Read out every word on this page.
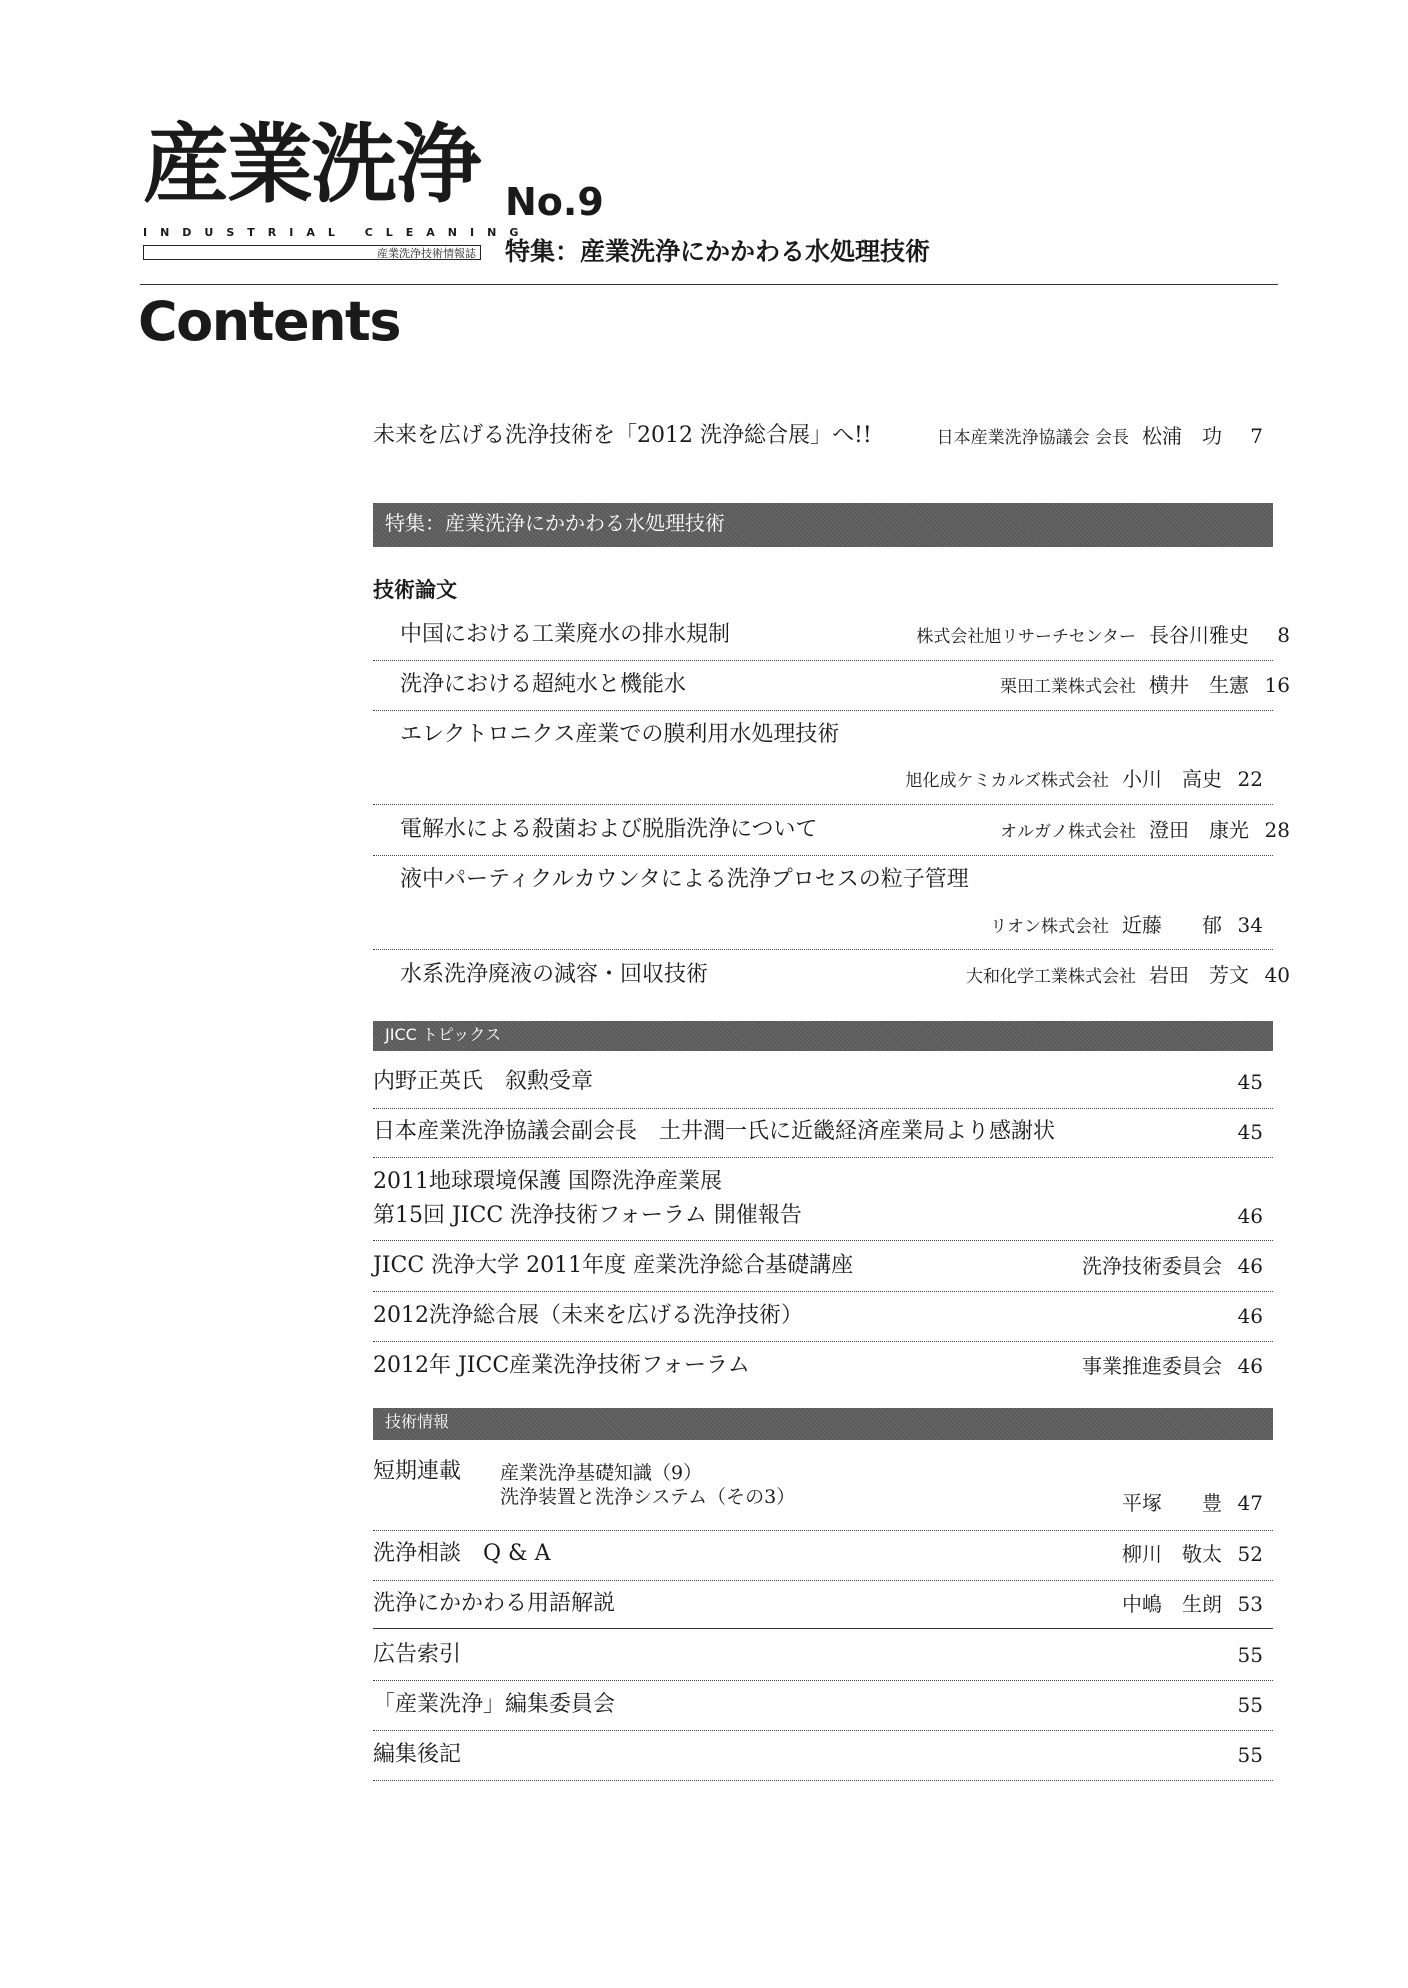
産業洗浄
INDUSTRIAL CLEANING
産業洗浄技術情報誌
No.9
特集：産業洗浄にかかわる水処理技術
Contents
未来を広げる洗浄技術を「2012 洗浄総合展」へ!!	日本産業洗浄協議会 会長 松浦　功 7
特集：産業洗浄にかかわる水処理技術
技術論文
中国における工業廃水の排水規制	株式会社旭リサーチセンター 長谷川雅史 8
洗浄における超純水と機能水	栗田工業株式会社 横井　生憲 16
エレクトロニクス産業での膜利用水処理技術
旭化成ケミカルズ株式会社 小川　高史 22
電解水による殺菌および脱脂洗浄について	オルガノ株式会社 澄田　康光 28
液中パーティクルカウンタによる洗浄プロセスの粒子管理
リオン株式会社 近藤　　郁 34
水系洗浄廃液の減容・回収技術	大和化学工業株式会社 岩田　芳文 40
JICC トピックス
内野正英氏　叙勲受章	45
日本産業洗浄協議会副会長　土井潤一氏に近畿経済産業局より感謝状	45
2011地球環境保護 国際洗浄産業展
第15回 JICC 洗浄技術フォーラム 開催報告	46
JICC 洗浄大学 2011年度 産業洗浄総合基礎講座	洗浄技術委員会 46
2012洗浄総合展（未来を広げる洗浄技術）	46
2012年 JICC産業洗浄技術フォーラム	事業推進委員会 46
技術情報
短期連載	産業洗浄基礎知識（9）
洗浄装置と洗浄システム（その3）	平塚　　豊 47
洗浄相談　Q & A	柳川　敬太 52
洗浄にかかわる用語解説	中嶋　生朗 53
広告索引	55
「産業洗浄」編集委員会	55
編集後記	55
